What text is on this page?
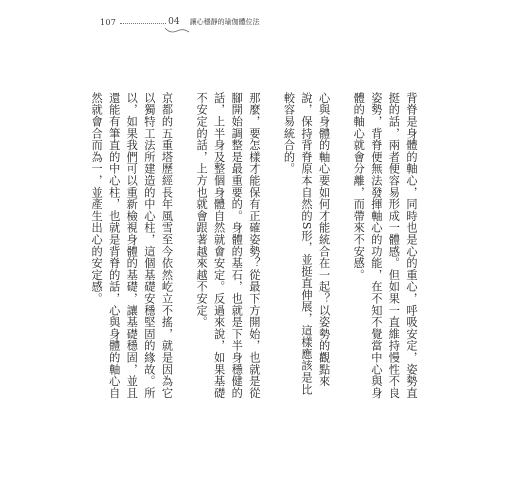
107	04 讓心穩靜的瑜伽體位法

背脊是身體的軸心，同時也是心的重心，呼吸安定，姿勢直挺的話，兩者便容易形成一體感。但如果一直維持慢性不良姿勢，背脊便無法發揮軸心的功能，在不知不覺當中心與身體的軸心就會分離，而帶來不安感。

心與身體的軸心要如何才能統合在一起？以姿勢的觀點來說，保持背脊原本自然的S形，並挺直伸展，這樣應該是比較容易統合的。

那麼，要怎樣才能保有正確姿勢？從最下方開始，也就是從腳開始調整是最重要的。身體的基石，也就是下半身穩健的話，上半身及整個身體自然就會安定。反過來說，如果基礎不安定的話，上方也就會跟著越來越不安定。

京都的五重塔歷經長年風雪至今依然屹立不搖，就是因為它以獨特工法所建造的中心柱，這個基礎安穩堅固的緣故。所以，如果我們可以重新檢視身體的基礎，讓基礎穩固，並且還能有筆直的中心柱，也就是背脊的話，心與身體的軸心自然就會合而為一，並產生出心的安定感。
